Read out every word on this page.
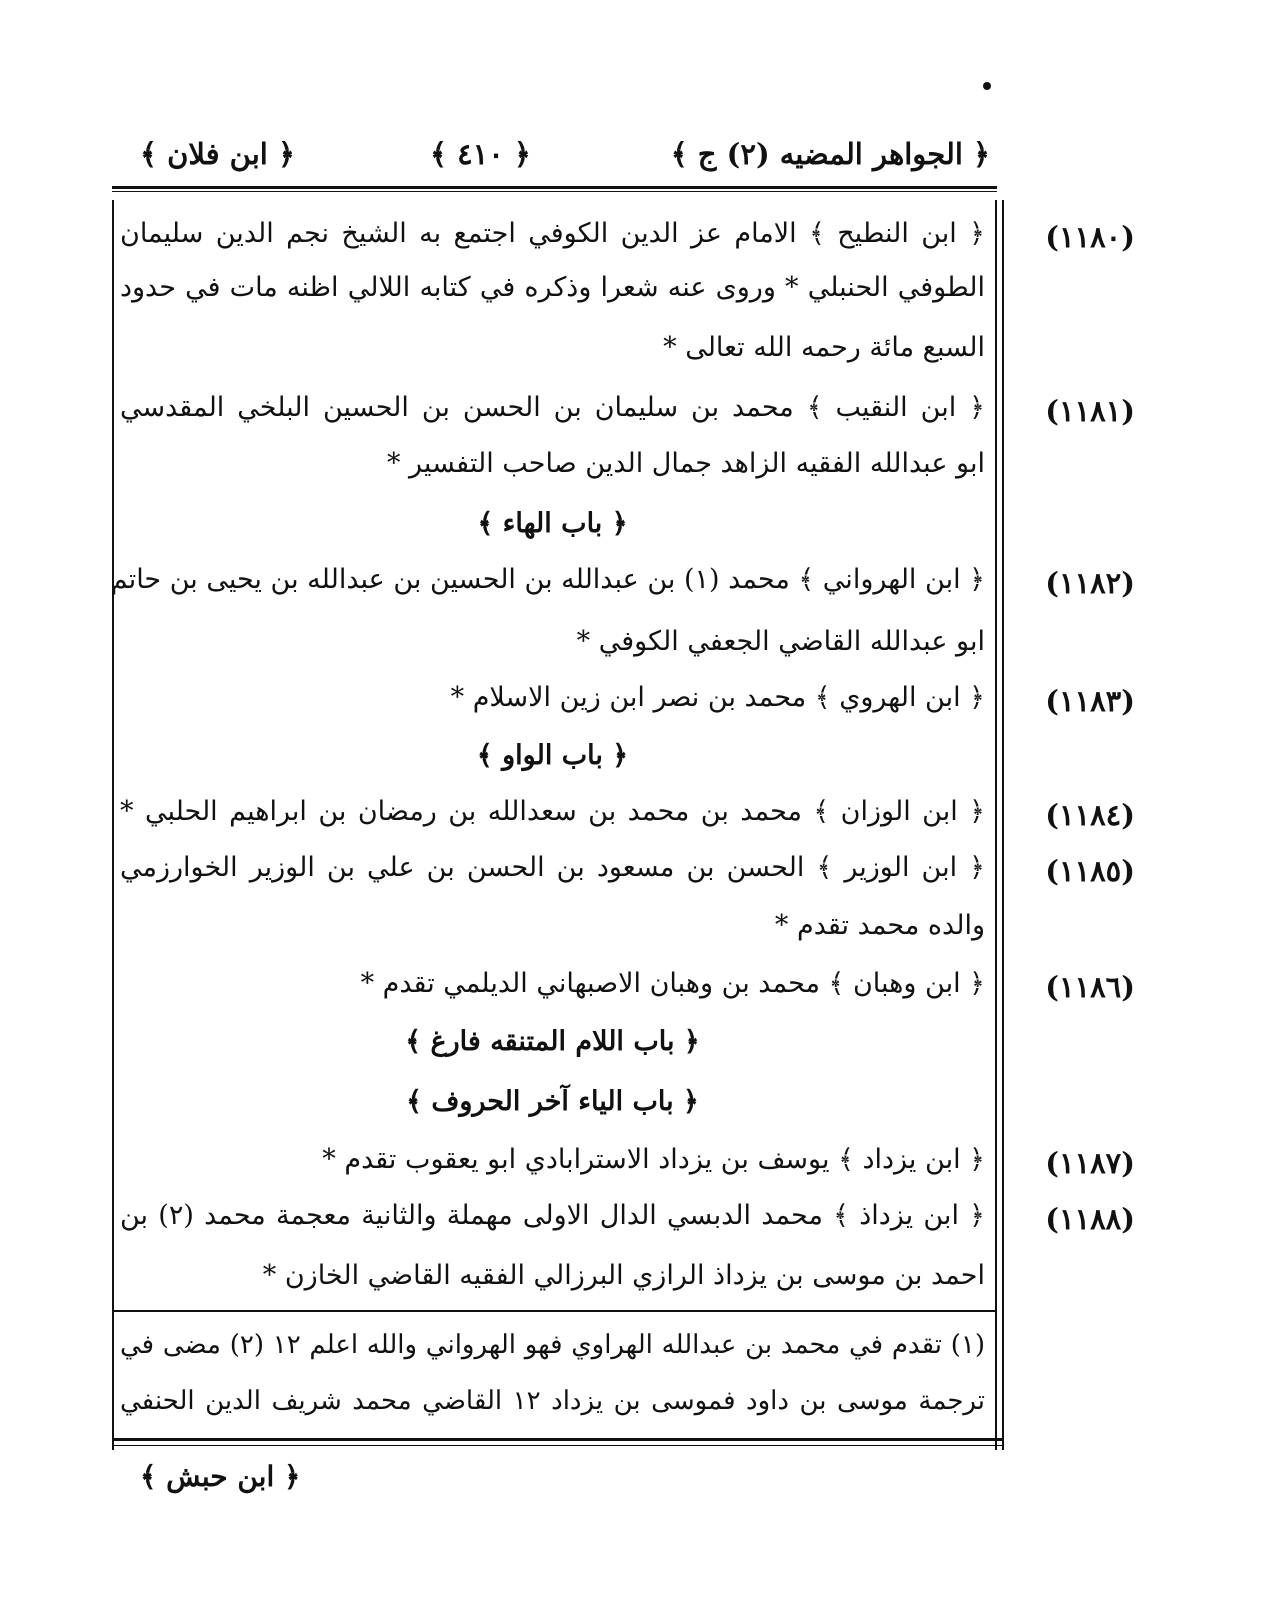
﴿ الجواهر المضيه (٢) ج ﴾
﴿ ٤١٠ ﴾
﴿ ابن فلان ﴾
(١١٨٠)
﴿ ابن النطيح ﴾ الامام عز الدين الكوفي اجتمع به الشيخ نجم الدين سليمان
الطوفي الحنبلي * وروى عنه شعرا وذكره في كتابه اللالي اظنه مات في حدود
السبع مائة رحمه الله تعالى *
(١١٨١)
﴿ ابن النقيب ﴾ محمد بن سليمان بن الحسن بن الحسين البلخي المقدسي
ابو عبدالله الفقيه الزاهد جمال الدين صاحب التفسير *
﴿ باب الهاء ﴾
(١١٨٢)
﴿ ابن الهرواني ﴾ محمد (١) بن عبدالله بن الحسين بن عبدالله بن يحيى بن حاتم
ابو عبدالله القاضي الجعفي الكوفي *
(١١٨٣)
﴿ ابن الهروي ﴾ محمد بن نصر ابن زين الاسلام *
﴿ باب الواو ﴾
(١١٨٤)
﴿ ابن الوزان ﴾ محمد بن محمد بن سعدالله بن رمضان بن ابراهيم الحلبي *
(١١٨٥)
﴿ ابن الوزير ﴾ الحسن بن مسعود بن الحسن بن علي بن الوزير الخوارزمي
والده محمد تقدم *
(١١٨٦)
﴿ ابن وهبان ﴾ محمد بن وهبان الاصبهاني الديلمي تقدم *
﴿ باب اللام المتنقه فارغ ﴾
﴿ باب الياء آخر الحروف ﴾
(١١٨٧)
﴿ ابن يزداد ﴾ يوسف بن يزداد الاسترابادي ابو يعقوب تقدم *
(١١٨٨)
﴿ ابن يزداذ ﴾ محمد الدبسي الدال الاولى مهملة والثانية معجمة محمد (٢) بن
احمد بن موسى بن يزداذ الرازي البرزالي الفقيه القاضي الخازن *
(١) تقدم في محمد بن عبدالله الهراوي فهو الهرواني والله اعلم ١٢ (٢) مضى في
ترجمة موسى بن داود فموسى بن يزداد ١٢ القاضي محمد شريف الدين الحنفي
﴿ ابن حبش ﴾
